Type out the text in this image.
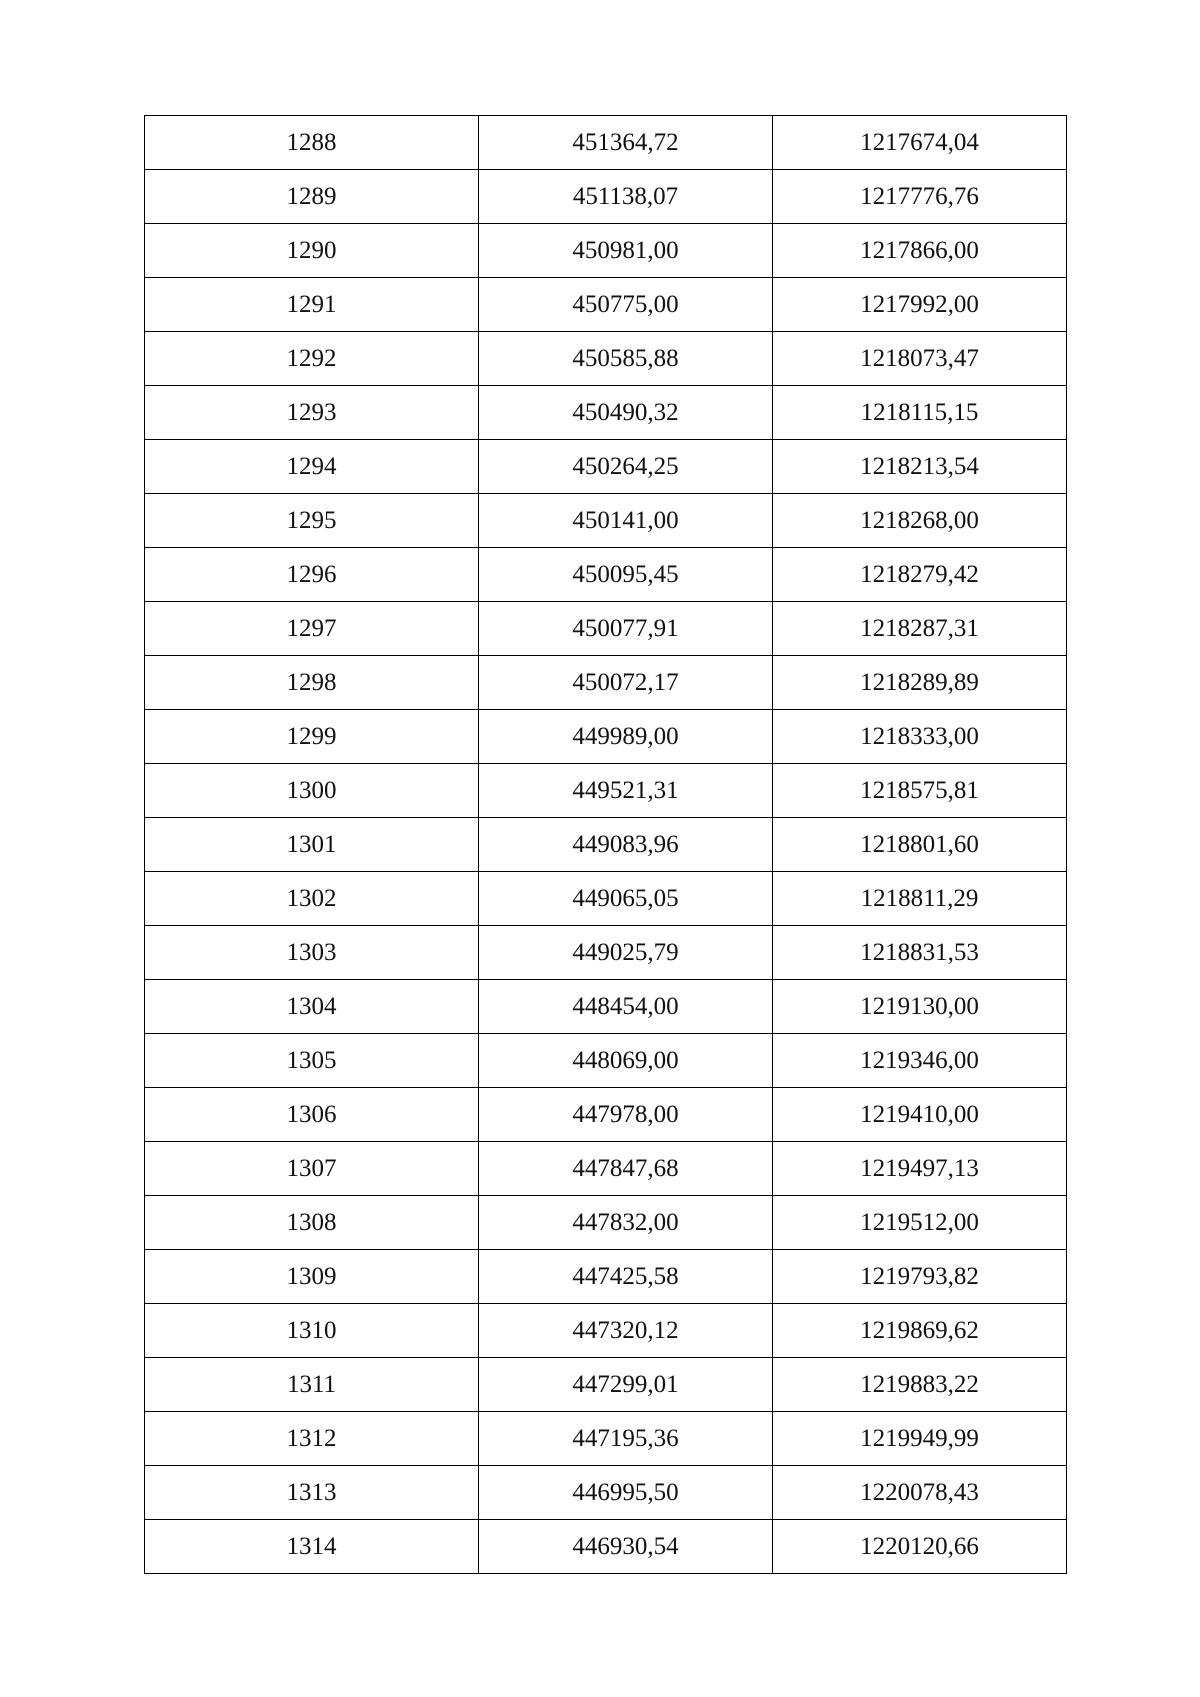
1288	451364,72	1217674,04
1289	451138,07	1217776,76
1290	450981,00	1217866,00
1291	450775,00	1217992,00
1292	450585,88	1218073,47
1293	450490,32	1218115,15
1294	450264,25	1218213,54
1295	450141,00	1218268,00
1296	450095,45	1218279,42
1297	450077,91	1218287,31
1298	450072,17	1218289,89
1299	449989,00	1218333,00
1300	449521,31	1218575,81
1301	449083,96	1218801,60
1302	449065,05	1218811,29
1303	449025,79	1218831,53
1304	448454,00	1219130,00
1305	448069,00	1219346,00
1306	447978,00	1219410,00
1307	447847,68	1219497,13
1308	447832,00	1219512,00
1309	447425,58	1219793,82
1310	447320,12	1219869,62
1311	447299,01	1219883,22
1312	447195,36	1219949,99
1313	446995,50	1220078,43
1314	446930,54	1220120,66
